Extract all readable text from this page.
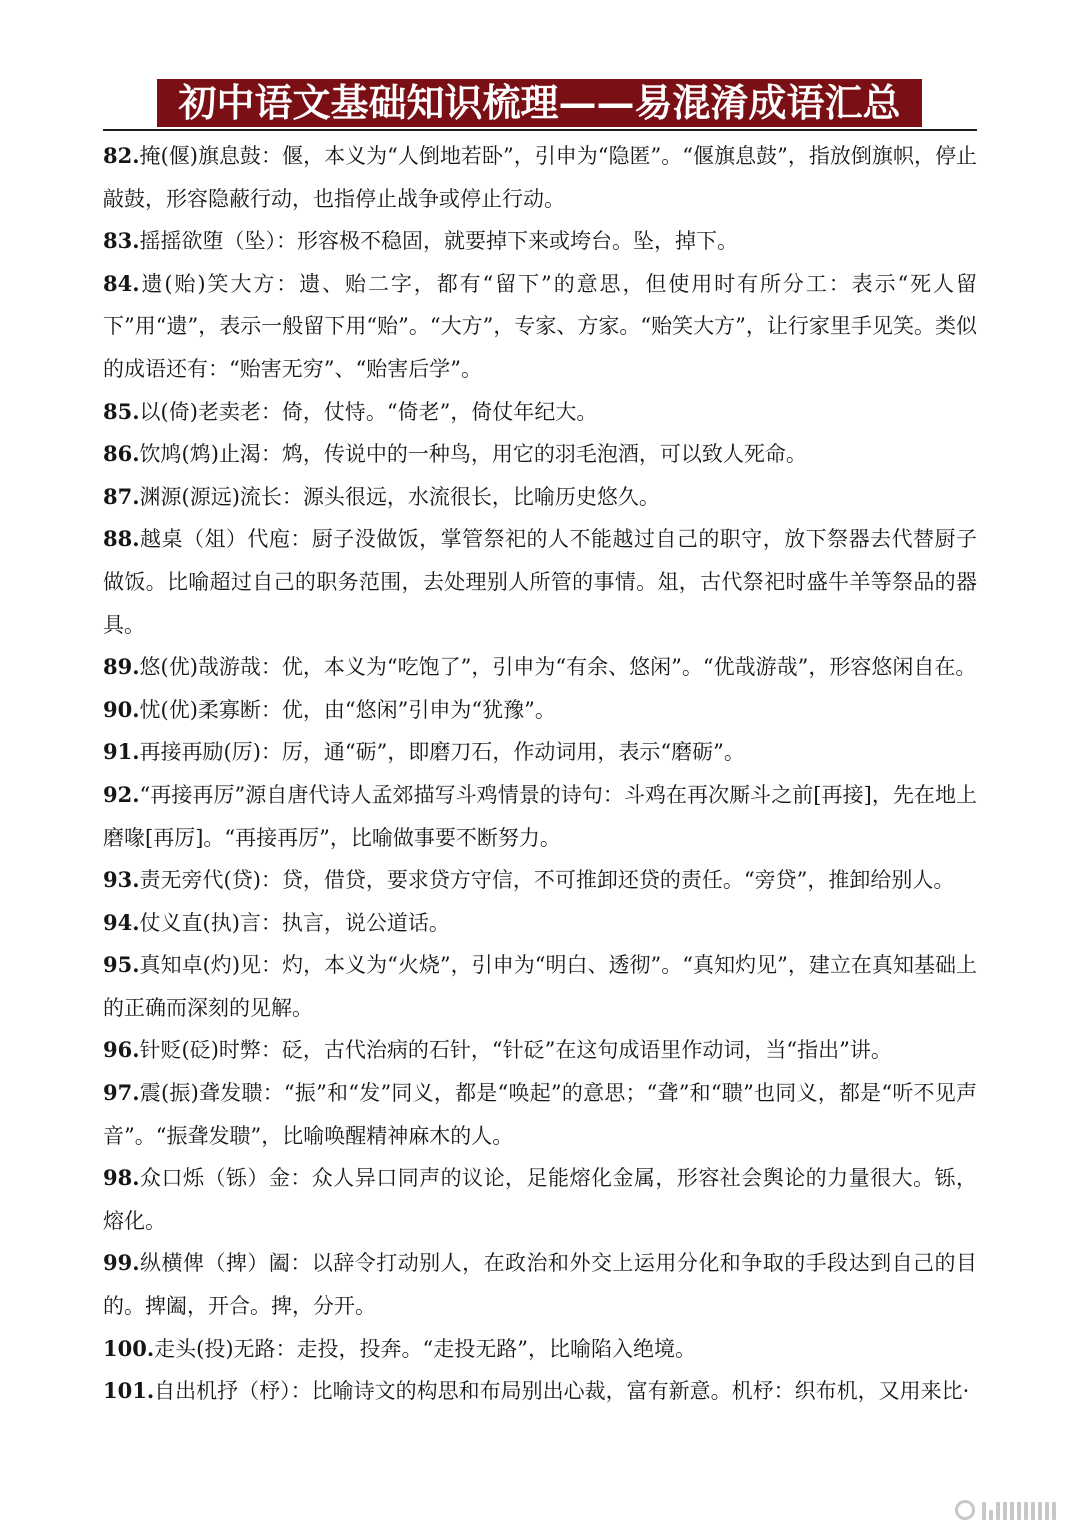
初中语文基础知识梳理——易混淆成语汇总

82.掩(偃)旗息鼓：偃，本义为“人倒地若卧”，引申为“隐匿”。“偃旗息鼓”，指放倒旗帜，停止敲鼓，形容隐蔽行动，也指停止战争或停止行动。

83.摇摇欲堕（坠）：形容极不稳固，就要掉下来或垮台。坠，掉下。

84.遗(贻)笑大方：遗、贻二字，都有“留下”的意思，但使用时有所分工：表示“死人留下”用“遗”，表示一般留下用“贻”。“大方”，专家、方家。“贻笑大方”，让行家里手见笑。类似的成语还有：“贻害无穷”、“贻害后学”。

85.以(倚)老卖老：倚，仗恃。“倚老”，倚仗年纪大。

86.饮鸠(鸩)止渴：鸩，传说中的一种鸟，用它的羽毛泡酒，可以致人死命。

87.渊源(源远)流长：源头很远，水流很长，比喻历史悠久。

88.越桌（俎）代庖：厨子没做饭，掌管祭祀的人不能越过自己的职守，放下祭器去代替厨子做饭。比喻超过自己的职务范围，去处理别人所管的事情。俎，古代祭祀时盛牛羊等祭品的器具。

89.悠(优)哉游哉：优，本义为“吃饱了”，引申为“有余、悠闲”。“优哉游哉”，形容悠闲自在。

90.忧(优)柔寡断：优，由“悠闲”引申为“犹豫”。

91.再接再励(厉)：厉，通“砺”，即磨刀石，作动词用，表示“磨砺”。

92.“再接再厉”源自唐代诗人孟郊描写斗鸡情景的诗句：斗鸡在再次厮斗之前[再接]，先在地上磨喙[再厉]。“再接再厉”，比喻做事要不断努力。

93.责无旁代(贷)：贷，借贷，要求贷方守信，不可推卸还贷的责任。“旁贷”，推卸给别人。

94.仗义直(执)言：执言，说公道话。

95.真知卓(灼)见：灼，本义为“火烧”，引申为“明白、透彻”。“真知灼见”，建立在真知基础上的正确而深刻的见解。

96.针贬(砭)时弊：砭，古代治病的石针，“针砭”在这句成语里作动词，当“指出”讲。

97.震(振)聋发聩：“振”和“发”同义，都是“唤起”的意思；“聋”和“聩”也同义，都是“听不见声音”。“振聋发聩”，比喻唤醒精神麻木的人。

98.众口烁（铄）金：众人异口同声的议论，足能熔化金属，形容社会舆论的力量很大。铄，熔化。

99.纵横俾（捭）阖：以辞令打动别人，在政治和外交上运用分化和争取的手段达到自己的目的。捭阖，开合。捭，分开。

100.走头(投)无路：走投，投奔。“走投无路”，比喻陷入绝境。

101.自出机抒（杼）：比喻诗文的构思和布局别出心裁，富有新意。机杼：织布机，又用来比·
